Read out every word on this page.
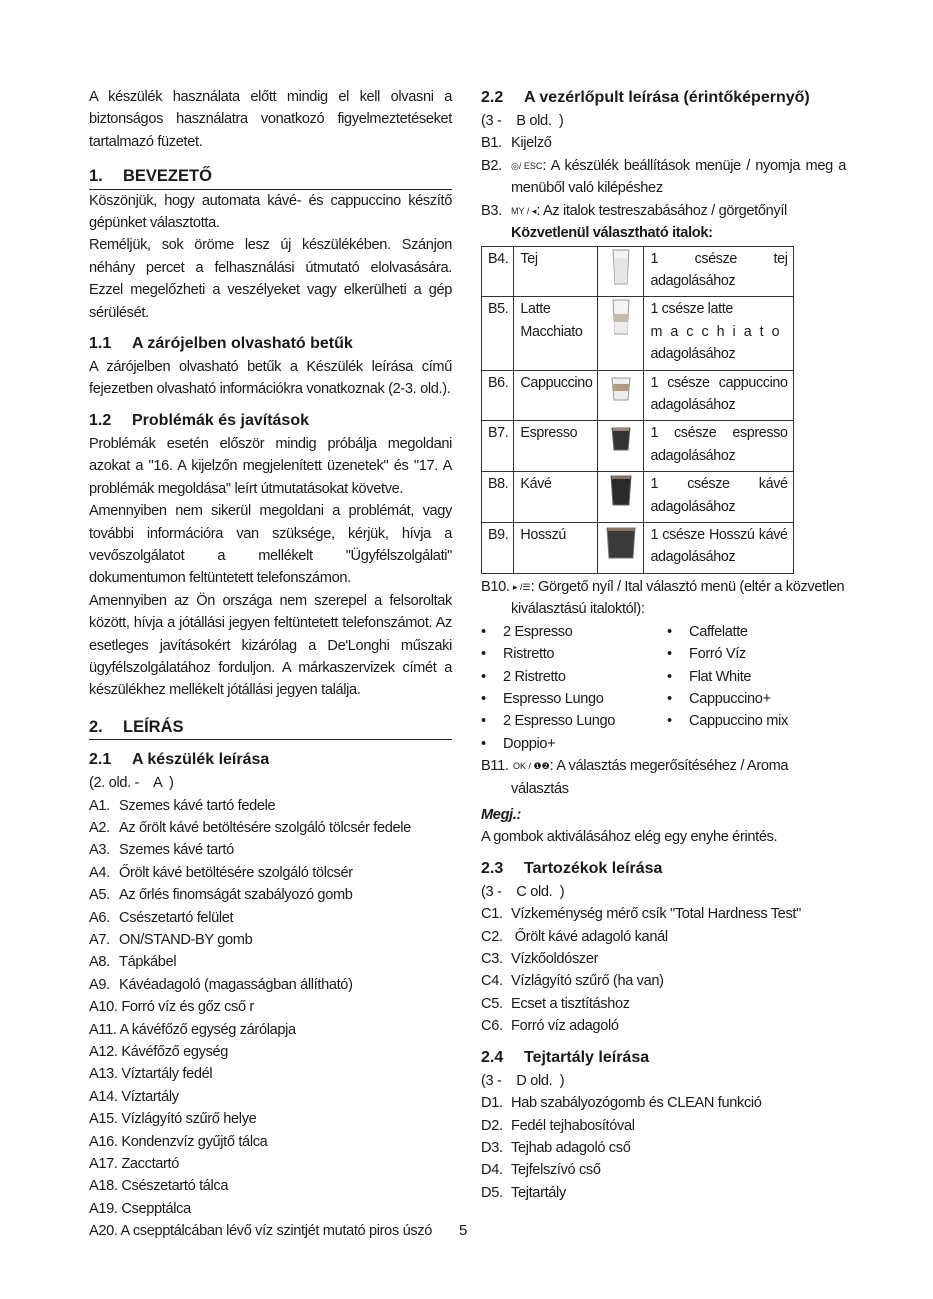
A készülék használata előtt mindig el kell olvasni a biztonságos használatra vonatkozó figyelmeztetéseket tartalmazó füzetet.

1. BEVEZETŐ

Köszönjük, hogy automata kávé- és cappuccino készítő gépünket választotta.

Reméljük, sok öröme lesz új készülékében. Szánjon néhány percet a felhasználási útmutató elolvasására. Ezzel megelőzheti a veszélyeket vagy elkerülheti a gép sérülését.

1.1 A zárójelben olvasható betűk

A zárójelben olvasható betűk a Készülék leírása című fejezetben olvasható információkra vonatkoznak (2-3. old.).

1.2 Problémák és javítások

Problémák esetén először mindig próbálja megoldani azokat a "16. A kijelzőn megjelenített üzenetek" és "17. A problémák megoldása" leírt útmutatásokat követve.

Amennyiben nem sikerül megoldani a problémát, vagy további információra van szüksége, kérjük, hívja a vevőszolgálatot a mellékelt "Ügyfélszolgálati" dokumentumon feltüntetett telefonszámon.

Amennyiben az Ön országa nem szerepel a felsoroltak között, hívja a jótállási jegyen feltüntetett telefonszámot. Az esetleges javításokért kizárólag a De'Longhi műszaki ügyfélszolgálatához forduljon. A márkaszervizek címét a készülékhez mellékelt jótállási jegyen találja.

2. LEÍRÁS
2.1 A készülék leírása

(2. old. -    A  )

A1. Szemes kávé tartó fedele
A2. Az őrölt kávé betöltésére szolgáló tölcsér fedele
A3. Szemes kávé tartó
A4. Őrölt kávé betöltésére szolgáló tölcsér
A5. Az őrlés finomságát szabályozó gomb
A6. Csészetartó felület
A7. ON/STAND-BY gomb
A8. Tápkábel
A9. Kávéadagoló (magasságban állítható)
A10. Forró víz és gőz cső r
A11. A kávéfőző egység zárólapja
A12. Kávéfőző egység
A13. Víztartály fedél
A14. Víztartály
A15. Vízlágyító szűrő helye
A16. Kondenzvíz gyűjtő tálca
A17. Zacctartó
A18. Csészetartó tálca
A19. Csepptálca
A20. A csepptálcában lévő víz szintjét mutató piros úszó
2.2 A vezérlőpult leírása (érintőképernyő)

(3 -    B old.  )

B1. Kijelző
B2. ◎/ ESC: A készülék beállítások menüje / nyomja meg a menüből való kilépéshez
B3. MY / ◂: Az italok testreszabásához / görgetőnyíl

Közvetlenül választható italok:

B4.	Tej		1 csésze tej adagolásához
B5.	Latte Macchiato		1 csésze latte
macchiato
adagolásához

B6.	Cappuccino		1 csésze cappuccino adagolásához
B7.	Espresso		1 csésze espresso adagolásához
B8.	Kávé		1 csésze kávé adagolásához
B9.	Hosszú		1 csésze Hosszú kávé adagolásához
B10. ▸ /☰: Görgető nyíl / Ital választó menü (eltér a közvetlen kiválasztású italoktól):
• 2 Espresso	• Caffelatte
• Ristretto	• Forró Víz
• 2 Ristretto	• Flat White
• Espresso Lungo	• Cappuccino+
• 2 Espresso Lungo	• Cappuccino mix
• Doppio+
B11. OK / ❶❷: A választás megerősítéséhez / Aroma választás

Megj.:

A gombok aktiválásához elég egy enyhe érintés.

2.3 Tartozékok leírása

(3 -    C old.  )

C1. Vízkeménység mérő csík "Total Hardness Test"
C2. Őrölt kávé adagoló kanál
C3. Vízkőoldószer
C4. Vízlágyító szűrő (ha van)
C5. Ecset a tisztításhoz
C6. Forró víz adagoló
2.4 Tejtartály leírása

(3 -    D old.  )

D1. Hab szabályozógomb és CLEAN funkció
D2. Fedél tejhabosítóval
D3. Tejhab adagoló cső
D4. Tejfelszívó cső
D5. Tejtartály
5
